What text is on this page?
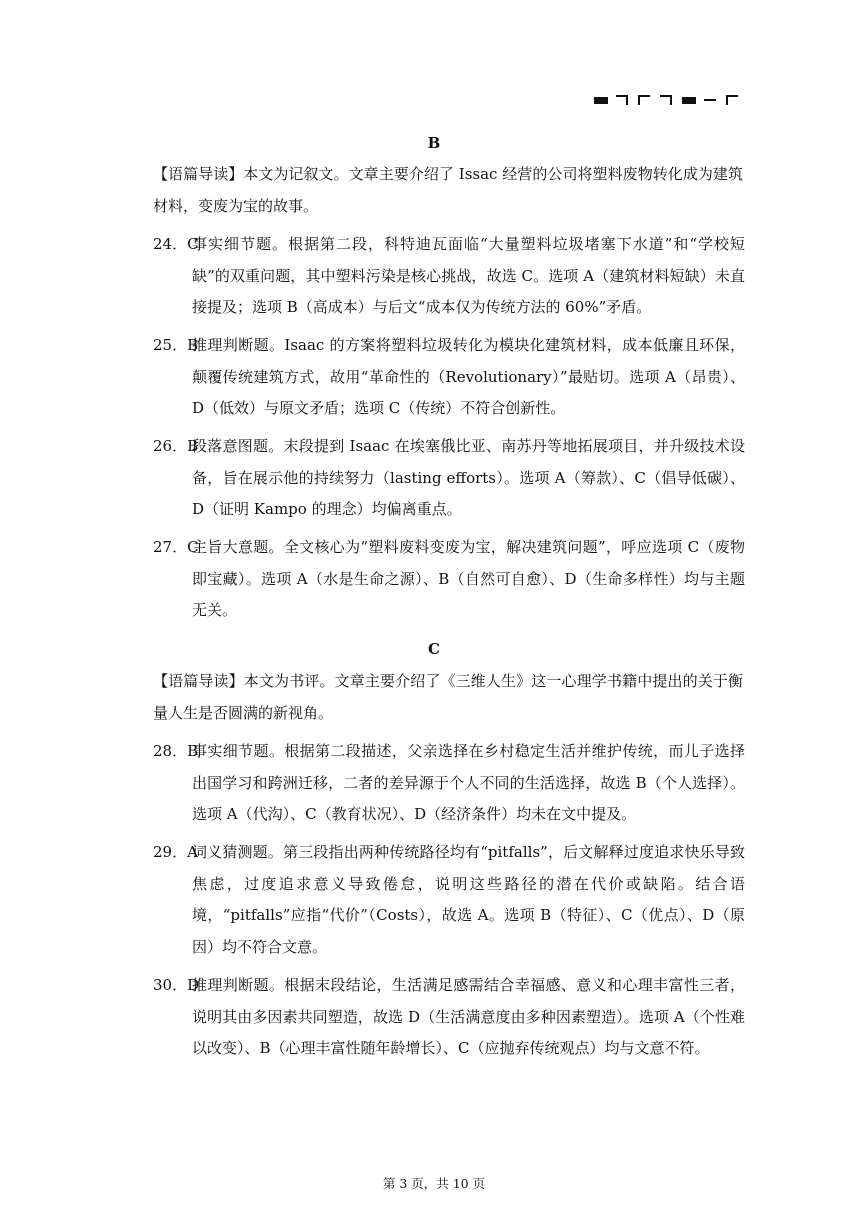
B
【语篇导读】本文为记叙文。文章主要介绍了 Issac 经营的公司将塑料废物转化成为建筑材料，变废为宝的故事。
24．C
事实细节题。根据第二段，科特迪瓦面临“大量塑料垃圾堵塞下水道”和“学校短缺”的双重问题，其中塑料污染是核心挑战，故选 C。选项 A（建筑材料短缺）未直接提及；选项 B（高成本）与后文“成本仅为传统方法的 60%”矛盾。
25．B
推理判断题。Isaac 的方案将塑料垃圾转化为模块化建筑材料，成本低廉且环保，颠覆传统建筑方式，故用“革命性的（Revolutionary）”最贴切。选项 A（昂贵）、D（低效）与原文矛盾；选项 C（传统）不符合创新性。
26．B
段落意图题。末段提到 Isaac 在埃塞俄比亚、南苏丹等地拓展项目，并升级技术设备，旨在展示他的持续努力（lasting efforts）。选项 A（筹款）、C（倡导低碳）、D（证明 Kampo 的理念）均偏离重点。
27．C
主旨大意题。全文核心为“塑料废料变废为宝，解决建筑问题”，呼应选项 C（废物即宝藏）。选项 A（水是生命之源）、B（自然可自愈）、D（生命多样性）均与主题无关。
C
【语篇导读】本文为书评。文章主要介绍了《三维人生》这一心理学书籍中提出的关于衡量人生是否圆满的新视角。
28．B
事实细节题。根据第二段描述，父亲选择在乡村稳定生活并维护传统，而儿子选择出国学习和跨洲迁移，二者的差异源于个人不同的生活选择，故选 B（个人选择）。选项 A（代沟）、C（教育状况）、D（经济条件）均未在文中提及。
29．A
词义猜测题。第三段指出两种传统路径均有“pitfalls”，后文解释过度追求快乐导致焦虑，过度追求意义导致倦怠，说明这些路径的潜在代价或缺陷。结合语境，“pitfalls”应指“代价”（Costs），故选 A。选项 B（特征）、C（优点）、D（原因）均不符合文意。
30．D
推理判断题。根据末段结论，生活满足感需结合幸福感、意义和心理丰富性三者，说明其由多因素共同塑造，故选 D（生活满意度由多种因素塑造）。选项 A（个性难以改变）、B（心理丰富性随年龄增长）、C（应抛弃传统观点）均与文意不符。
第 3 页，共 10 页
